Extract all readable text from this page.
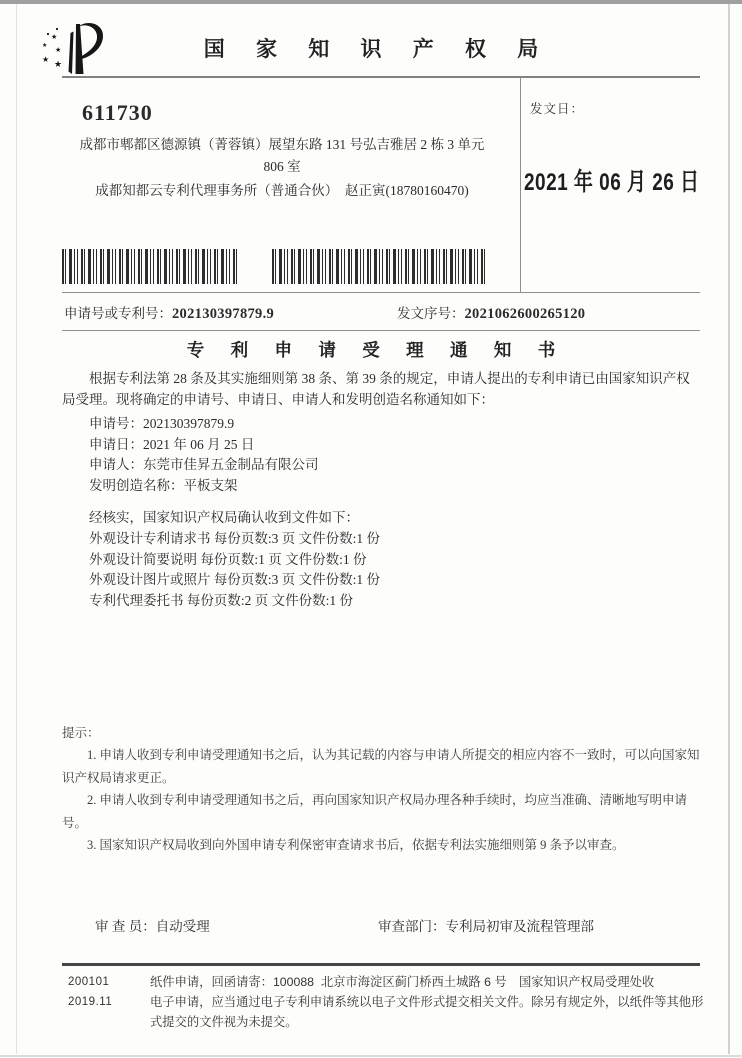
★
★ ★
★ ★
国 家 知 识 产 权 局
611730
成都市郫都区德源镇（菁蓉镇）展望东路 131 号弘吉雅居 2 栋 3 单元
806 室
成都知都云专利代理事务所（普通合伙）　赵正寅(18780160470)
发文日：
2021 年 06 月 26 日
申请号或专利号：202130397879.9	发文序号：2021062600265120
专 利 申 请 受 理 通 知 书

根据专利法第 28 条及其实施细则第 38 条、第 39 条的规定，申请人提出的专利申请已由国家知识产权局受理。现将确定的申请号、申请日、申请人和发明创造名称通知如下：

申请号：202130397879.9
申请日：2021 年 06 月 25 日
申请人：东莞市佳昇五金制品有限公司
发明创造名称：平板支架
经核实，国家知识产权局确认收到文件如下：
外观设计专利请求书 每份页数:3 页 文件份数:1 份
外观设计简要说明 每份页数:1 页 文件份数:1 份
外观设计图片或照片 每份页数:3 页 文件份数:1 份
专利代理委托书 每份页数:2 页 文件份数:1 份

提示：

1. 申请人收到专利申请受理通知书之后，认为其记载的内容与申请人所提交的相应内容不一致时，可以向国家知识产权局请求更正。

2. 申请人收到专利申请受理通知书之后，再向国家知识产权局办理各种手续时，均应当准确、清晰地写明申请号。

3. 国家知识产权局收到向外国申请专利保密审查请求书后，依据专利法实施细则第 9 条予以审查。

审 查 员：自动受理	审查部门：专利局初审及流程管理部
200101
2019.11

纸件申请，回函请寄：100088  北京市海淀区蓟门桥西土城路 6 号　国家知识产权局受理处收

电子申请，应当通过电子专利申请系统以电子文件形式提交相关文件。除另有规定外，以纸件等其他形式提交的文件视为未提交。
